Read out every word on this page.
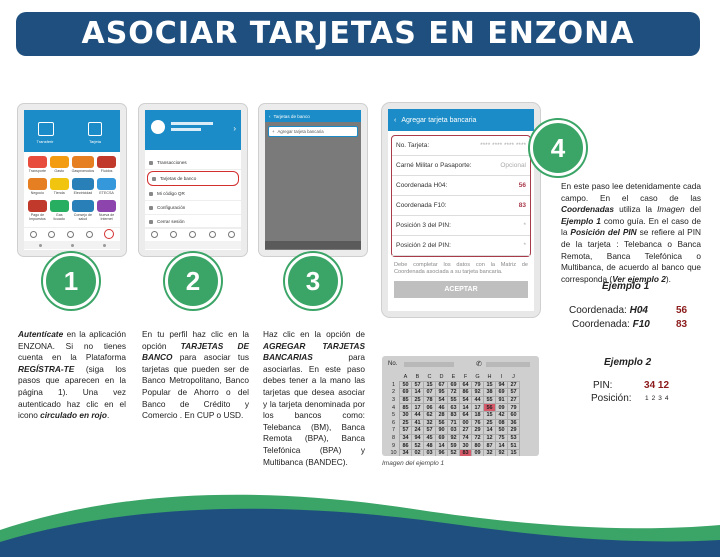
ASOCIAR TARJETAS EN ENZONA
Transferir	Tarjeta
Transporte	Gasto	Gaspromodos	Fluidos
Negocio	Tienda	Electricidad	ETECSA
Pago de Impuestos
Gas licuado
Consejo de salud
Nueva de Internet
›
Transacciones
Tarjetas de banco
Mi código QR
Configuración
Cerrar sesión
‹ Tarjetas de banco
+ Agregar tarjeta bancaria
‹ Agregar tarjeta bancaria
No. Tarjeta:	**** **** **** ****
Carné Militar o Pasaporte:	Opcional
Coordenada H04:	56
Coordenada F10:	83
Posición 3 del PIN:	*
Posición 2 del PIN:	*
Debe completar los datos con la Matriz de Coordenada asociada a su tarjeta bancaria.
ACEPTAR
1	2	3
4
Autentícate en la aplicación ENZONA. Si no tienes cuenta en la Plataforma REGÍSTRA-TE (siga los pasos que aparecen en la página 1). Una vez autenticado haz clic en el icono circulado en rojo.
En tu perfil haz clic en la opción TARJETAS DE BANCO para asociar tus tarjetas que pueden ser de Banco Metropolitano, Banco Popular de Ahorro o del Banco de Crédito y Comercio . En CUP o USD.
Haz clic en la opción de AGREGAR TARJETAS BANCARIAS para asociarlas. En este paso debes tener a la mano las tarjetas que desea asociar y la tarjeta denominada por los bancos como: Telebanca (BM), Banca Remota (BPA), Banca Telefónica (BPA) y Multibanca (BANDEC).
En este paso lee detenidamente cada campo. En el caso de las Coordenadas utiliza la Imagen del Ejemplo 1 como guía. En el caso de la Posición del PIN se refiere al PIN de la tarjeta : Telebanca o Banca Remota, Banca Telefónica o Multibanca, de acuerdo al banco que corresponda (Ver ejemplo 2).
Ejemplo 1
Coordenada: H04	56
Coordenada: F10	83
Ejemplo 2
PIN:	34 12
Posición: 1234
No.	✆
	A	B	C	D	E	F	G	H	I	J
1	50	57	15	67	69	64	79	15	94	27
2	69	14	07	95	72	86	92	38	69	57
3	85	25	78	54	55	54	44	55	91	27
4	85	17	06	46	63	14	17	56	09	79
5	30	44	62	28	83	64	18	15	42	60
6	25	41	32	56	71	00	76	25	08	36
7	57	24	57	90	03	27	29	14	50	29
8	34	94	45	69	92	74	72	12	75	53
9	86	52	48	14	59	30	80	87	14	51
10	34	02	03	96	52	83	09	32	92	15
Imagen del ejemplo 1
